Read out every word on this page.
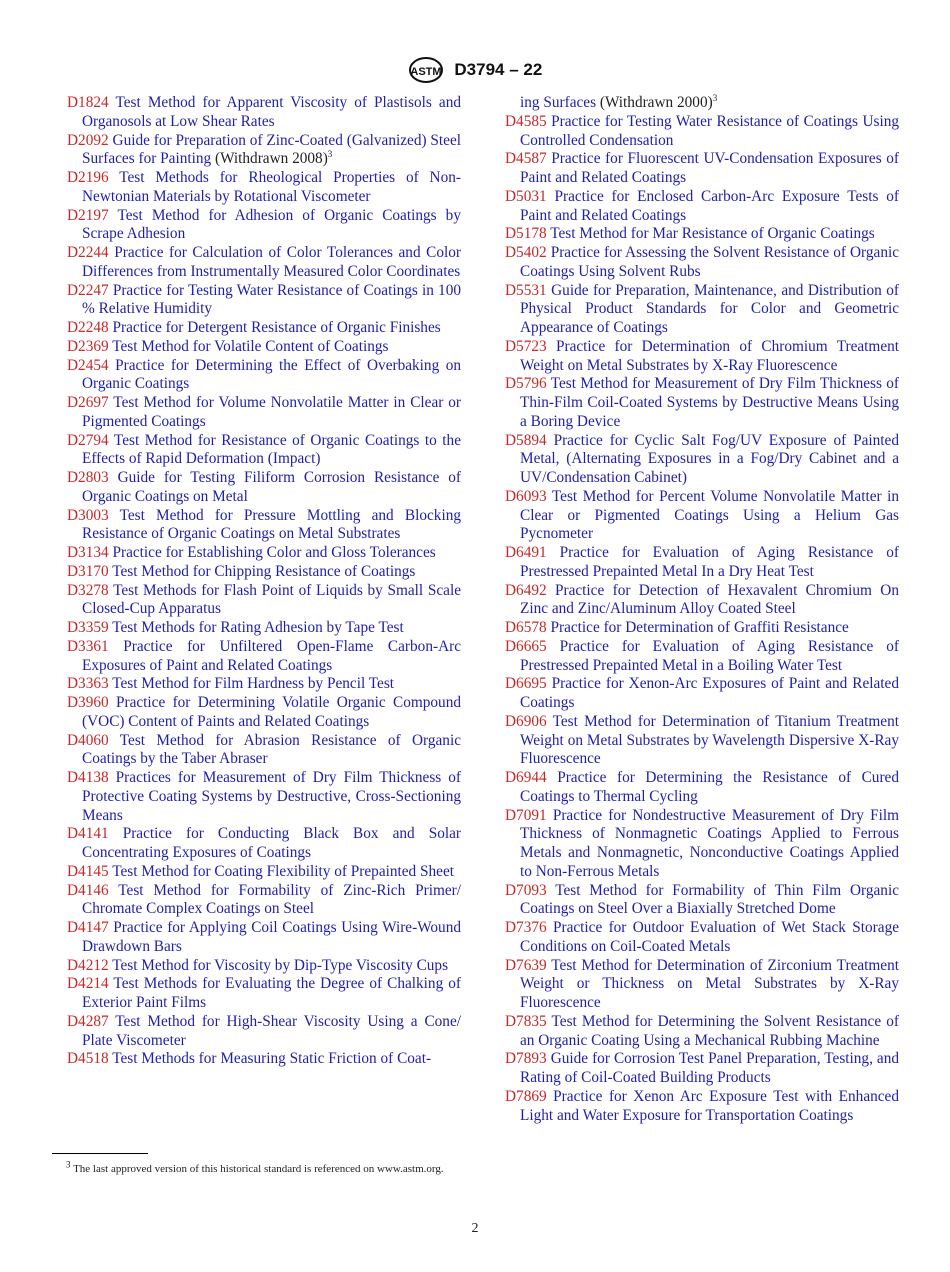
ASTM D3794 – 22
D1824 Test Method for Apparent Viscosity of Plastisols and Organosols at Low Shear Rates
D2092 Guide for Preparation of Zinc-Coated (Galvanized) Steel Surfaces for Painting (Withdrawn 2008)$^3$
D2196 Test Methods for Rheological Properties of Non-Newtonian Materials by Rotational Viscometer
D2197 Test Method for Adhesion of Organic Coatings by Scrape Adhesion
D2244 Practice for Calculation of Color Tolerances and Color Differences from Instrumentally Measured Color Coordinates
D2247 Practice for Testing Water Resistance of Coatings in 100 % Relative Humidity
D2248 Practice for Detergent Resistance of Organic Finishes
D2369 Test Method for Volatile Content of Coatings
D2454 Practice for Determining the Effect of Overbaking on Organic Coatings
D2697 Test Method for Volume Nonvolatile Matter in Clear or Pigmented Coatings
D2794 Test Method for Resistance of Organic Coatings to the Effects of Rapid Deformation (Impact)
D2803 Guide for Testing Filiform Corrosion Resistance of Organic Coatings on Metal
D3003 Test Method for Pressure Mottling and Blocking Resistance of Organic Coatings on Metal Substrates
D3134 Practice for Establishing Color and Gloss Tolerances
D3170 Test Method for Chipping Resistance of Coatings
D3278 Test Methods for Flash Point of Liquids by Small Scale Closed-Cup Apparatus
D3359 Test Methods for Rating Adhesion by Tape Test
D3361 Practice for Unfiltered Open-Flame Carbon-Arc Exposures of Paint and Related Coatings
D3363 Test Method for Film Hardness by Pencil Test
D3960 Practice for Determining Volatile Organic Compound (VOC) Content of Paints and Related Coatings
D4060 Test Method for Abrasion Resistance of Organic Coatings by the Taber Abraser
D4138 Practices for Measurement of Dry Film Thickness of Protective Coating Systems by Destructive, Cross-Sectioning Means
D4141 Practice for Conducting Black Box and Solar Concentrating Exposures of Coatings
D4145 Test Method for Coating Flexibility of Prepainted Sheet
D4146 Test Method for Formability of Zinc-Rich Primer/ Chromate Complex Coatings on Steel
D4147 Practice for Applying Coil Coatings Using Wire-Wound Drawdown Bars
D4212 Test Method for Viscosity by Dip-Type Viscosity Cups
D4214 Test Methods for Evaluating the Degree of Chalking of Exterior Paint Films
D4287 Test Method for High-Shear Viscosity Using a Cone/ Plate Viscometer
D4518 Test Methods for Measuring Static Friction of Coat-
ing Surfaces (Withdrawn 2000)$^3$
D4585 Practice for Testing Water Resistance of Coatings Using Controlled Condensation
D4587 Practice for Fluorescent UV-Condensation Exposures of Paint and Related Coatings
D5031 Practice for Enclosed Carbon-Arc Exposure Tests of Paint and Related Coatings
D5178 Test Method for Mar Resistance of Organic Coatings
D5402 Practice for Assessing the Solvent Resistance of Organic Coatings Using Solvent Rubs
D5531 Guide for Preparation, Maintenance, and Distribution of Physical Product Standards for Color and Geometric Appearance of Coatings
D5723 Practice for Determination of Chromium Treatment Weight on Metal Substrates by X-Ray Fluorescence
D5796 Test Method for Measurement of Dry Film Thickness of Thin-Film Coil-Coated Systems by Destructive Means Using a Boring Device
D5894 Practice for Cyclic Salt Fog/UV Exposure of Painted Metal, (Alternating Exposures in a Fog/Dry Cabinet and a UV/Condensation Cabinet)
D6093 Test Method for Percent Volume Nonvolatile Matter in Clear or Pigmented Coatings Using a Helium Gas Pycnometer
D6491 Practice for Evaluation of Aging Resistance of Prestressed Prepainted Metal In a Dry Heat Test
D6492 Practice for Detection of Hexavalent Chromium On Zinc and Zinc/Aluminum Alloy Coated Steel
D6578 Practice for Determination of Graffiti Resistance
D6665 Practice for Evaluation of Aging Resistance of Prestressed Prepainted Metal in a Boiling Water Test
D6695 Practice for Xenon-Arc Exposures of Paint and Related Coatings
D6906 Test Method for Determination of Titanium Treatment Weight on Metal Substrates by Wavelength Dispersive X-Ray Fluorescence
D6944 Practice for Determining the Resistance of Cured Coatings to Thermal Cycling
D7091 Practice for Nondestructive Measurement of Dry Film Thickness of Nonmagnetic Coatings Applied to Ferrous Metals and Nonmagnetic, Nonconductive Coatings Applied to Non-Ferrous Metals
D7093 Test Method for Formability of Thin Film Organic Coatings on Steel Over a Biaxially Stretched Dome
D7376 Practice for Outdoor Evaluation of Wet Stack Storage Conditions on Coil-Coated Metals
D7639 Test Method for Determination of Zirconium Treatment Weight or Thickness on Metal Substrates by X-Ray Fluorescence
D7835 Test Method for Determining the Solvent Resistance of an Organic Coating Using a Mechanical Rubbing Machine
D7893 Guide for Corrosion Test Panel Preparation, Testing, and Rating of Coil-Coated Building Products
D7869 Practice for Xenon Arc Exposure Test with Enhanced Light and Water Exposure for Transportation Coatings
$^3$ The last approved version of this historical standard is referenced on www.astm.org.
2
